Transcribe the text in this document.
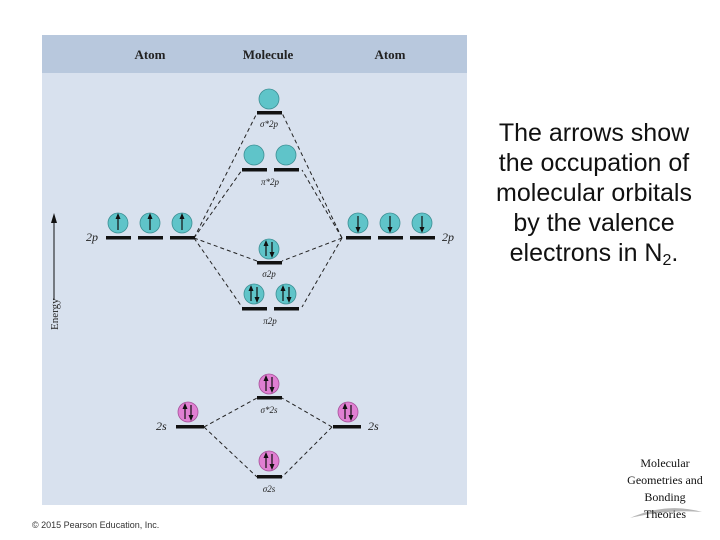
Atom	Molecule	Atom
Energy
σ*2p
π*2p
2p	2p
σ2p
π2p
σ*2s
2s	2s
σ2s
The arrows show the occupation of molecular orbitals by the valence electrons in $N_2$.
© 2015 Pearson Education, Inc.
Molecular Geometries and Bonding Theories
